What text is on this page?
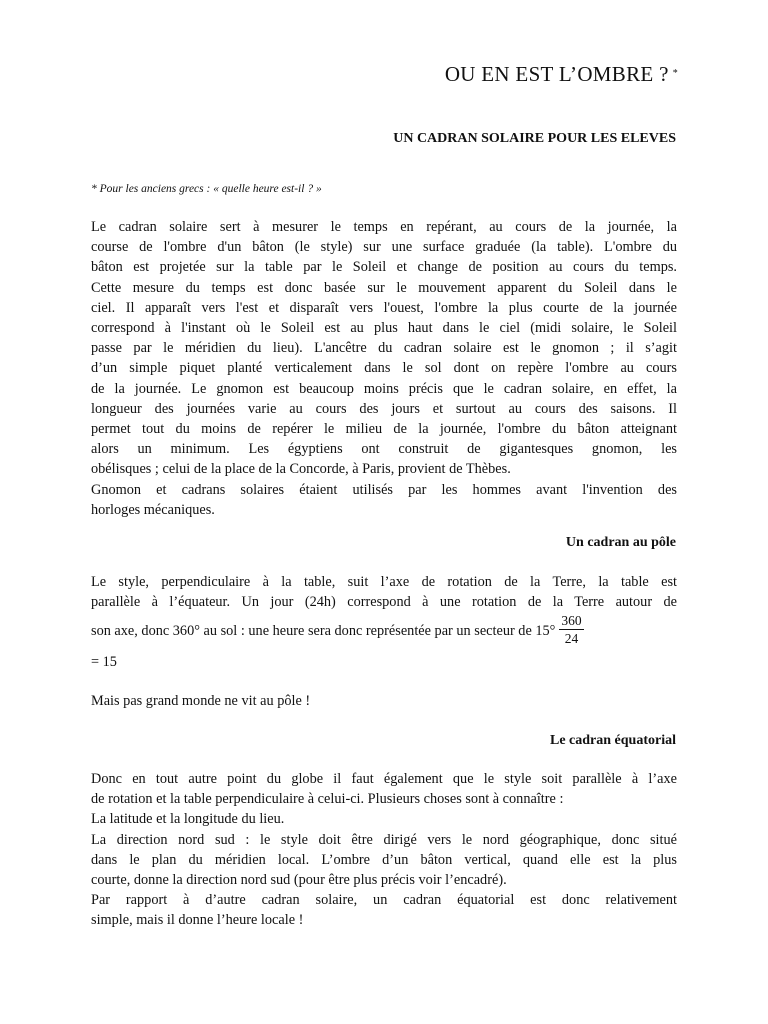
OU EN EST L’OMBRE ? *
UN CADRAN SOLAIRE POUR LES ELEVES
* Pour les anciens grecs : « quelle heure est-il ? »

Le cadran solaire sert à mesurer le temps en repérant, au cours de la journée, la
course de l'ombre d'un bâton (le style) sur une surface graduée (la table). L'ombre du
bâton est projetée sur la table par le Soleil et change de position au cours du temps.
Cette mesure du temps est donc basée sur le mouvement apparent du Soleil dans le
ciel. Il apparaît vers l'est et disparaît vers l'ouest, l'ombre la plus courte de la journée
correspond à l'instant où le Soleil est au plus haut dans le ciel (midi solaire, le Soleil
passe par le méridien du lieu). L'ancêtre du cadran solaire est le gnomon ; il s’agit
d’un simple piquet planté verticalement dans le sol dont on repère l'ombre au cours
de la journée. Le gnomon est beaucoup moins précis que le cadran solaire, en effet, la
longueur des journées varie au cours des jours et surtout au cours des saisons. Il
permet tout du moins de repérer le milieu de la journée, l'ombre du bâton atteignant
alors un minimum. Les égyptiens ont construit de gigantesques gnomon, les
obélisques ; celui de la place de la Concorde, à Paris, provient de Thèbes.
Gnomon et cadrans solaires étaient utilisés par les hommes avant l'invention des
horloges mécaniques.

Un cadran au pôle

Le style, perpendiculaire à la table, suit l’axe de rotation de la Terre, la table est
parallèle à l’équateur. Un jour (24h) correspond à une rotation de la Terre autour de

son axe, donc 360° au sol : une heure sera donc représentée par un secteur de $15^\circ \frac{360}{24}$
= 15
Mais pas grand monde ne vit au pôle !
Le cadran équatorial

Donc en tout autre point du globe il faut également que le style soit parallèle à l’axe
de rotation et la table perpendiculaire à celui-ci. Plusieurs choses sont à connaître :
La latitude et la longitude du lieu.
La direction nord sud : le style doit être dirigé vers le nord géographique, donc situé
dans le plan du méridien local. L’ombre d’un bâton vertical, quand elle est la plus
courte, donne la direction nord sud (pour être plus précis voir l’encadré).
Par rapport à d’autre cadran solaire, un cadran équatorial est donc relativement
simple, mais il donne l’heure locale !
